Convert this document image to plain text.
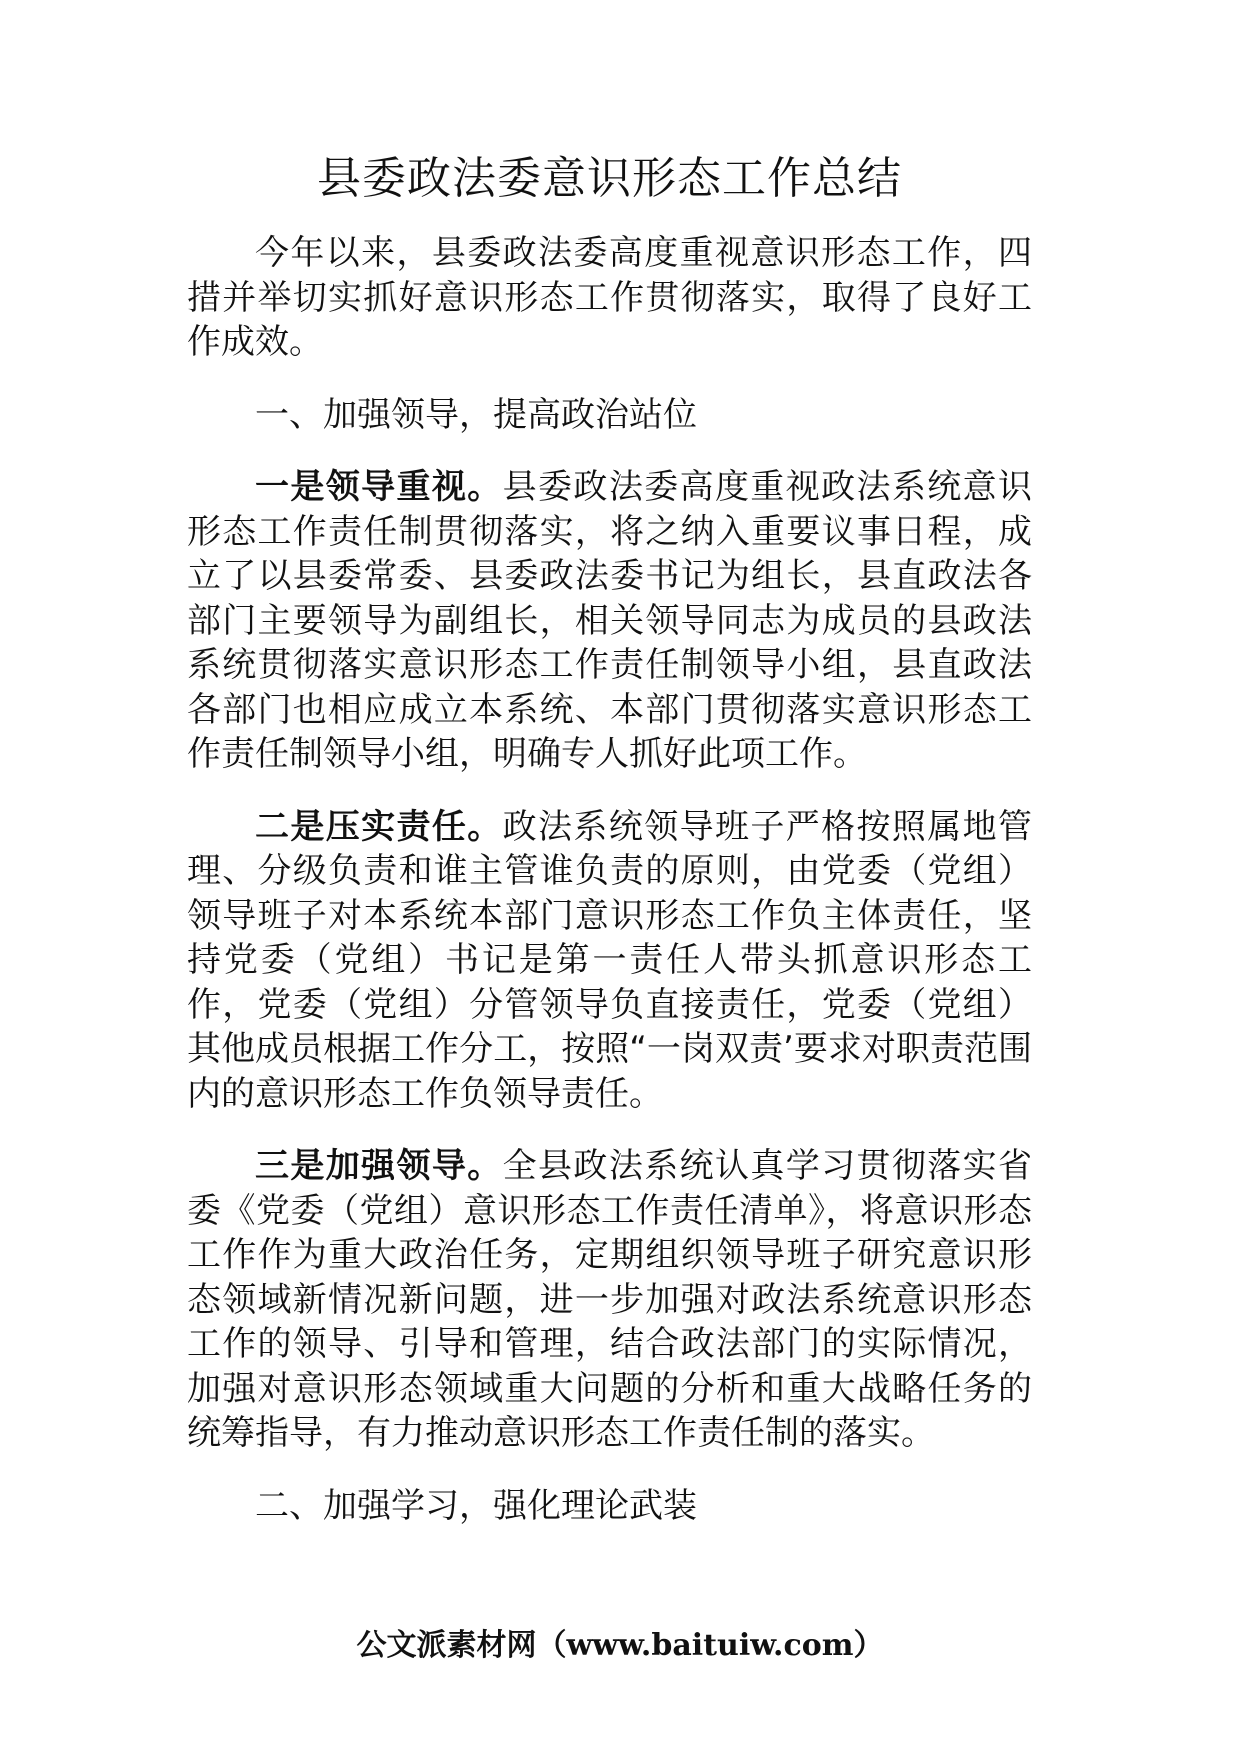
县委政法委意识形态工作总结

今年以来，县委政法委高度重视意识形态工作，四措并举切实抓好意识形态工作贯彻落实，取得了良好工作成效。

一、加强领导，提高政治站位

一是领导重视。县委政法委高度重视政法系统意识形态工作责任制贯彻落实，将之纳入重要议事日程，成立了以县委常委、县委政法委书记为组长，县直政法各部门主要领导为副组长，相关领导同志为成员的县政法系统贯彻落实意识形态工作责任制领导小组，县直政法各部门也相应成立本系统、本部门贯彻落实意识形态工作责任制领导小组，明确专人抓好此项工作。

二是压实责任。政法系统领导班子严格按照属地管理、分级负责和谁主管谁负责的原则，由党委（党组）领导班子对本系统本部门意识形态工作负主体责任，坚持党委（党组）书记是第一责任人带头抓意识形态工作，党委（党组）分管领导负直接责任，党委（党组）其他成员根据工作分工，按照“一岗双责’要求对职责范围内的意识形态工作负领导责任。

三是加强领导。全县政法系统认真学习贯彻落实省委《党委（党组）意识形态工作责任清单》，将意识形态工作作为重大政治任务，定期组织领导班子研究意识形态领域新情况新问题，进一步加强对政法系统意识形态工作的领导、引导和管理，结合政法部门的实际情况，加强对意识形态领域重大问题的分析和重大战略任务的统筹指导，有力推动意识形态工作责任制的落实。

二、加强学习，强化理论武装

公文派素材网（www.baituiw.com）
